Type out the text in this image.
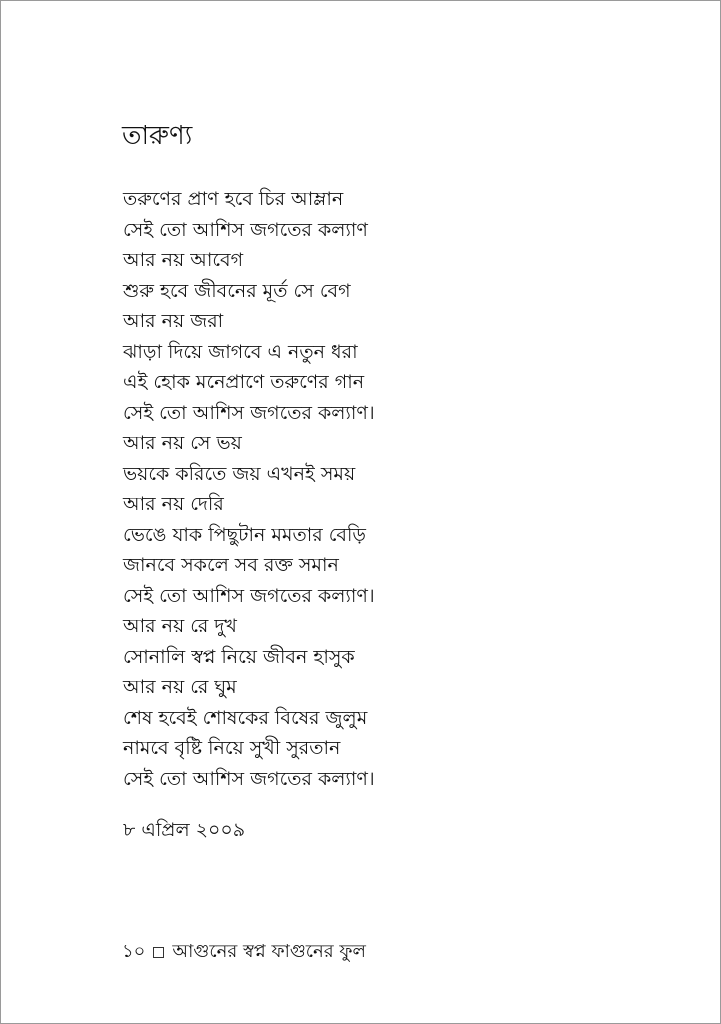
তারুণ্য
তরুণের প্রাণ হবে চির আম্লান
সেই তো আশিস জগতের কল্যাণ
আর নয় আবেগ
শুরু হবে জীবনের মূর্ত সে বেগ
আর নয় জরা
ঝাড়া দিয়ে জাগবে এ নতুন ধরা
এই হোক মনেপ্রাণে তরুণের গান
সেই তো আশিস জগতের কল্যাণ।
আর নয় সে ভয়
ভয়কে করিতে জয় এখনই সময়
আর নয় দেরি
ভেঙে যাক পিছুটান মমতার বেড়ি
জানবে সকলে সব রক্ত সমান
সেই তো আশিস জগতের কল্যাণ।
আর নয় রে দুখ
সোনালি স্বপ্ন নিয়ে জীবন হাসুক
আর নয় রে ঘুম
শেষ হবেই শোষকের বিষের জুলুম
নামবে বৃষ্টি নিয়ে সুখী সুরতান
সেই তো আশিস জগতের কল্যাণ।
৮ এপ্রিল ২০০৯
১০ আগুনের স্বপ্ন ফাগুনের ফুল
